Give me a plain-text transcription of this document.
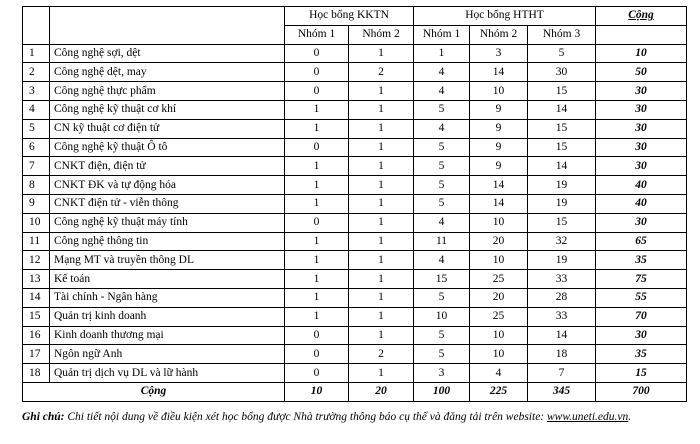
		Học bổng KKTN		Học bổng HTHT			Cộng
		Nhóm 1	Nhóm 2	Nhóm 1	Nhóm 2	Nhóm 3	
1	Công nghệ sợi, dệt	0	1	1	3	5	10
2	Công nghệ dệt, may	0	2	4	14	30	50
3	Công nghệ thực phẩm	0	1	4	10	15	30
4	Công nghệ kỹ thuật cơ khí	1	1	5	9	14	30
5	CN kỹ thuật cơ điện tử	1	1	4	9	15	30
6	Công nghệ kỹ thuật Ô tô	0	1	5	9	15	30
7	CNKT điện, điện tử	1	1	5	9	14	30
8	CNKT ĐK và tự động hóa	1	1	5	14	19	40
9	CNKT điện tử - viễn thông	1	1	5	14	19	40
10	Công nghệ kỹ thuật máy tính	0	1	4	10	15	30
11	Công nghệ thông tin	1	1	11	20	32	65
12	Mạng MT và truyền thông DL	1	1	4	10	19	35
13	Kế toán	1	1	15	25	33	75
14	Tài chính - Ngân hàng	1	1	5	20	28	55
15	Quản trị kinh doanh	1	1	10	25	33	70
16	Kinh doanh thương mại	0	1	5	10	14	30
17	Ngôn ngữ Anh	0	2	5	10	18	35
18	Quản trị dịch vụ DL và lữ hành	0	1	3	4	7	15
Cộng		10	20	100	225	345	700
Ghi chú: Chi tiết nội dung về điều kiện xét học bổng được Nhà trường thông báo cụ thể và đăng tải trên website: www.uneti.edu.vn.
